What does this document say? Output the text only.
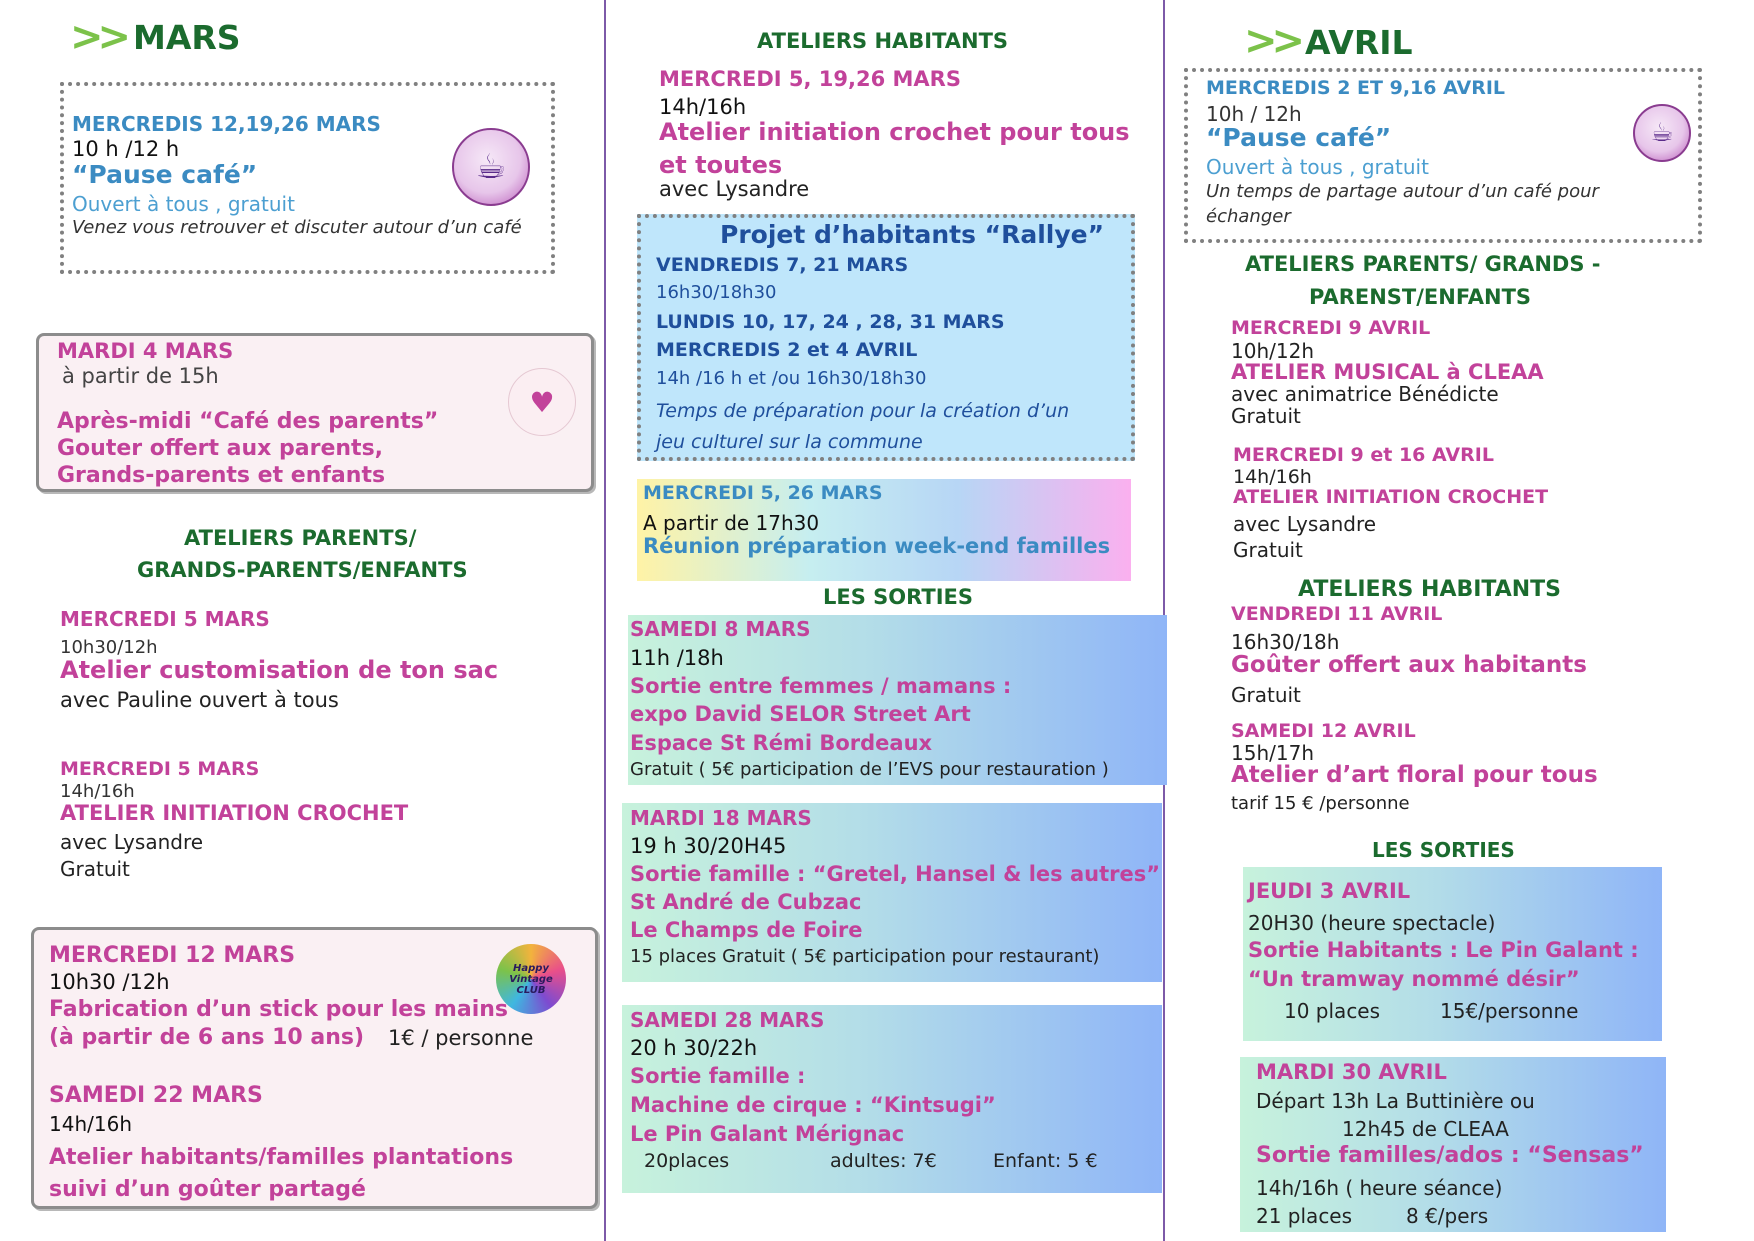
>> MARS
MERCREDIS 12,19,26 MARS
10 h /12 h
“Pause café”
Ouvert à tous , gratuit
Venez vous retrouver et discuter autour d’un café
☕
MARDI 4 MARS
à partir de 15h
Après-midi “Café des parents”
Gouter offert aux parents,
Grands-parents et enfants
♥
ATELIERS PARENTS/
GRANDS-PARENTS/ENFANTS
MERCREDI 5 MARS
10h30/12h
Atelier customisation de ton sac
avec Pauline ouvert à tous
MERCREDI 5 MARS
14h/16h
ATELIER INITIATION CROCHET
avec Lysandre
Gratuit
MERCREDI 12 MARS
10h30 /12h
Fabrication d’un stick pour les mains
(à partir de 6 ans 10 ans) 1€ / personne
Happy Vintage CLUB
SAMEDI 22 MARS
14h/16h
Atelier habitants/familles plantations
suivi d’un goûter partagé
ATELIERS HABITANTS
MERCREDI 5, 19,26 MARS
14h/16h
Atelier initiation crochet pour tous
et toutes
avec Lysandre
Projet d’habitants “Rallye”
VENDREDIS 7, 21 MARS
16h30/18h30
LUNDIS 10, 17, 24 , 28, 31 MARS
MERCREDIS 2 et 4 AVRIL
14h /16 h et /ou 16h30/18h30
Temps de préparation pour la création d’un
jeu culturel sur la commune
MERCREDI 5, 26 MARS
A partir de 17h30
Réunion préparation week-end familles
LES SORTIES
SAMEDI 8 MARS
11h /18h
Sortie entre femmes / mamans :
expo David SELOR Street Art
Espace St Rémi Bordeaux
Gratuit ( 5€ participation de l’EVS pour restauration )
MARDI 18 MARS
19 h 30/20H45
Sortie famille : “Gretel, Hansel & les autres”
St André de Cubzac
Le Champs de Foire
15 places Gratuit ( 5€ participation pour restaurant)
SAMEDI 28 MARS
20 h 30/22h
Sortie famille :
Machine de cirque : “Kintsugi”
Le Pin Galant Mérignac
20places	adultes: 7€	Enfant: 5 €
>> AVRIL
MERCREDIS 2 ET 9,16 AVRIL
10h / 12h
“Pause café”
Ouvert à tous , gratuit
Un temps de partage autour d’un café pour
échanger
☕
ATELIERS PARENTS/ GRANDS -
PARENST/ENFANTS
MERCREDI 9 AVRIL
10h/12h
ATELIER MUSICAL à CLEAA
avec animatrice Bénédicte
Gratuit
MERCREDI 9 et 16 AVRIL
14h/16h
ATELIER INITIATION CROCHET
avec Lysandre
Gratuit
ATELIERS HABITANTS
VENDREDI 11 AVRIL
16h30/18h
Goûter offert aux habitants
Gratuit
SAMEDI 12 AVRIL
15h/17h
Atelier d’art floral pour tous
tarif 15 € /personne
LES SORTIES
JEUDI 3 AVRIL
20H30 (heure spectacle)
Sortie Habitants : Le Pin Galant :
“Un tramway nommé désir”
10 places	15€/personne
MARDI 30 AVRIL
Départ 13h La Buttinière ou
12h45 de CLEAA
Sortie familles/ados : “Sensas”
14h/16h ( heure séance)
21 places	8 €/pers
